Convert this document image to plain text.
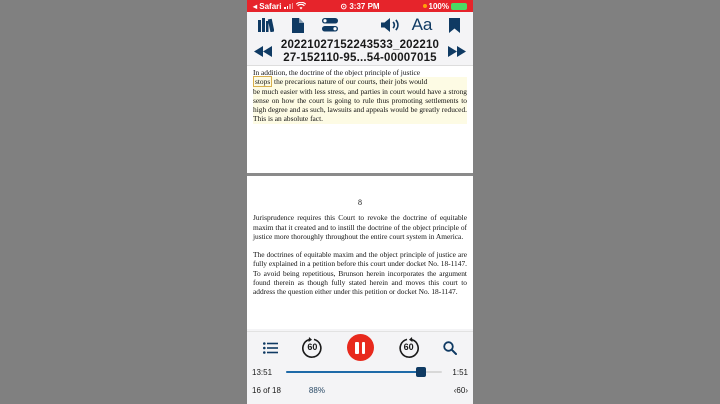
◂ Safari	⊙ 3:37 PM	100%
Aa
20221027152243533_202210
27-152110-95...54-00007015
In addition, the doctrine of the object principle of justice
stops the precarious nature of our courts, their jobs would
be much easier with less stress, and parties in court would have a strong sense on how the court is going to rule thus promoting settlements to high degree and as such, lawsuits and appeals would be greatly reduced. This is an absolute fact.
8
Jurisprudence requires this Court to revoke the doctrine of equitable maxim that it created and to instill the doctrine of the object principle of justice more thoroughly throughout the entire court system in America.
The doctrines of equitable maxim and the object principle of justice are fully explained in a petition before this court under docket No. 18-1147. To avoid being repetitious, Brunson herein incorporates the argument found therein as though fully stated herein and moves this court to address the question either under this petition or docket No. 18-1147.
60	60
13:51	1:51
16 of 18	88%	‹60›
